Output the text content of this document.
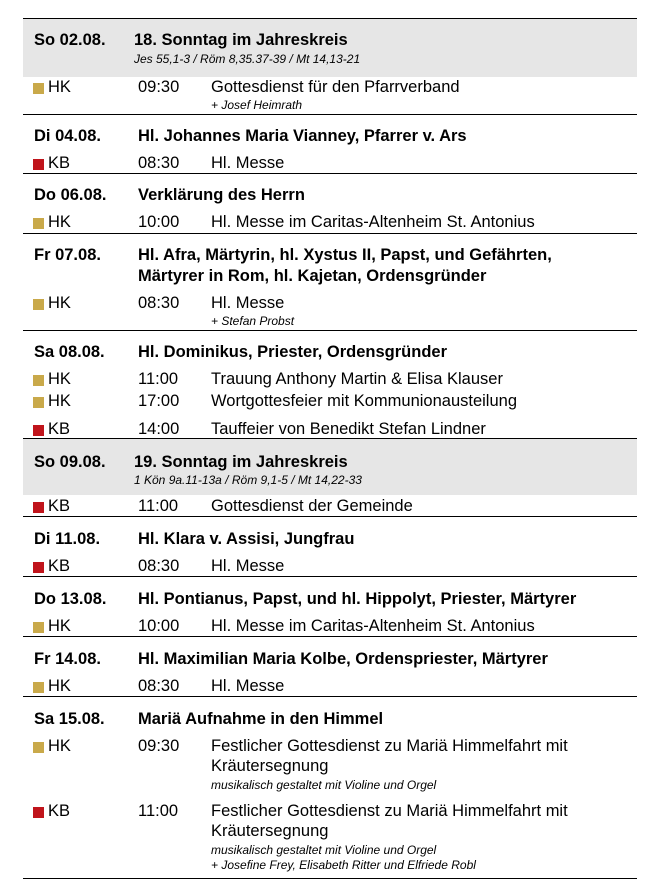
So 02.08. 18. Sonntag im Jahreskreis
Jes 55,1-3 / Röm 8,35.37-39 / Mt 14,13-21
HK	09:30 Gottesdienst für den Pfarrverband
+ Josef Heimrath
Di 04.08. Hl. Johannes Maria Vianney, Pfarrer v. Ars
KB	08:30 Hl. Messe
Do 06.08. Verklärung des Herrn
HK	10:00 Hl. Messe im Caritas-Altenheim St. Antonius
Fr 07.08. Hl. Afra, Märtyrin, hl. Xystus II, Papst, und Gefährten,
Märtyrer in Rom, hl. Kajetan, Ordensgründer
HK	08:30 Hl. Messe
+ Stefan Probst
Sa 08.08. Hl. Dominikus, Priester, Ordensgründer
HK	11:00 Trauung Anthony Martin & Elisa Klauser
HK	17:00 Wortgottesfeier mit Kommunionausteilung
KB	14:00 Tauffeier von Benedikt Stefan Lindner
So 09.08. 19. Sonntag im Jahreskreis
1 Kön 9a.11-13a / Röm 9,1-5 / Mt 14,22-33
KB	11:00 Gottesdienst der Gemeinde
Di 11.08. Hl. Klara v. Assisi, Jungfrau
KB	08:30 Hl. Messe
Do 13.08. Hl. Pontianus, Papst, und hl. Hippolyt, Priester, Märtyrer
HK	10:00 Hl. Messe im Caritas-Altenheim St. Antonius
Fr 14.08. Hl. Maximilian Maria Kolbe, Ordenspriester, Märtyrer
HK	08:30 Hl. Messe
Sa 15.08. Mariä Aufnahme in den Himmel
HK	09:30 Festlicher Gottesdienst zu Mariä Himmelfahrt mit Kräutersegnung
musikalisch gestaltet mit Violine und Orgel
KB	11:00 Festlicher Gottesdienst zu Mariä Himmelfahrt mit Kräutersegnung
musikalisch gestaltet mit Violine und Orgel
+ Josefine Frey, Elisabeth Ritter und Elfriede Robl
